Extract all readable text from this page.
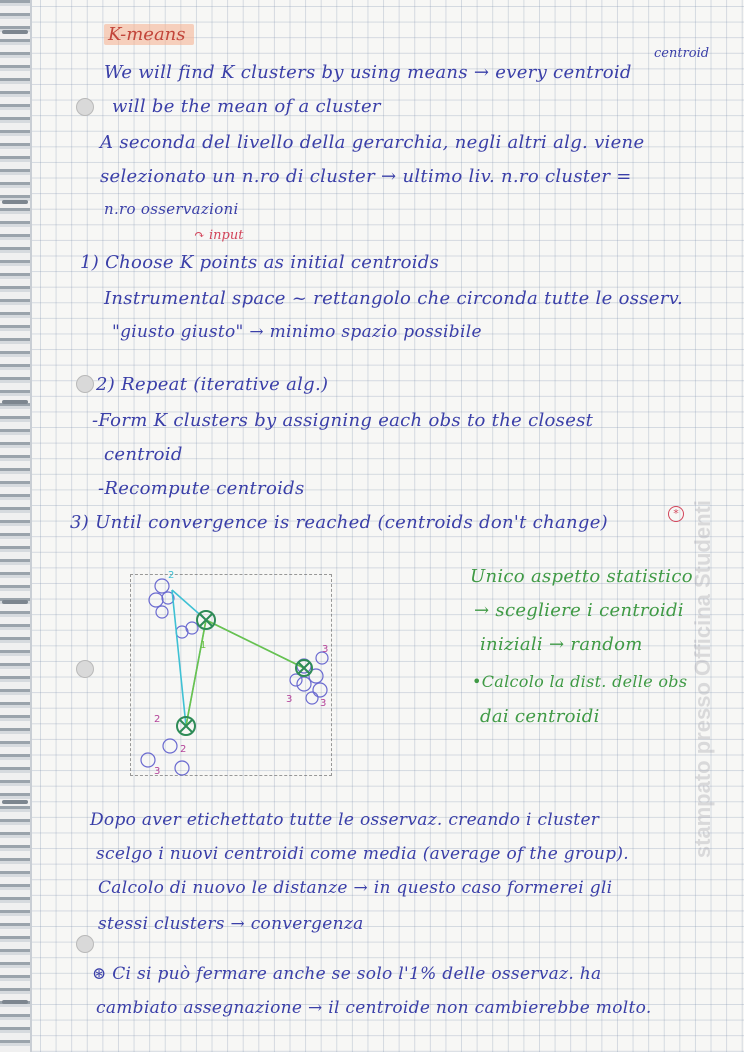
K-means
centroid
We will find K clusters by using means → every centroid
will be the mean of a cluster
A seconda del livello della gerarchia, negli altri alg. viene
selezionato un n.ro di cluster → ultimo liv. n.ro cluster =
n.ro osservazioni
↷ input
1) Choose K points as initial centroids
Instrumental space ~ rettangolo che circonda tutte le osserv.
"giusto giusto" → minimo spazio possibile
2) Repeat (iterative alg.)
-Form K clusters by assigning each obs to the closest
centroid
-Recompute centroids
3) Until convergence is reached (centroids don't change)	*
2
1	3
2
3
2
3
3
Unico aspetto statistico
→ scegliere i centroidi
iniziali → random
•Calcolo la dist. delle obs
dai centroidi
Dopo aver etichettato tutte le osservaz. creando i cluster
scelgo i nuovi centroidi come media (average of the group).
Calcolo di nuovo le distanze → in questo caso formerei gli
stessi clusters → convergenza
⊛ Ci si può fermare anche se solo l'1% delle osservaz. ha
cambiato assegnazione → il centroide non cambierebbe molto.
stampato presso Officina Studenti
